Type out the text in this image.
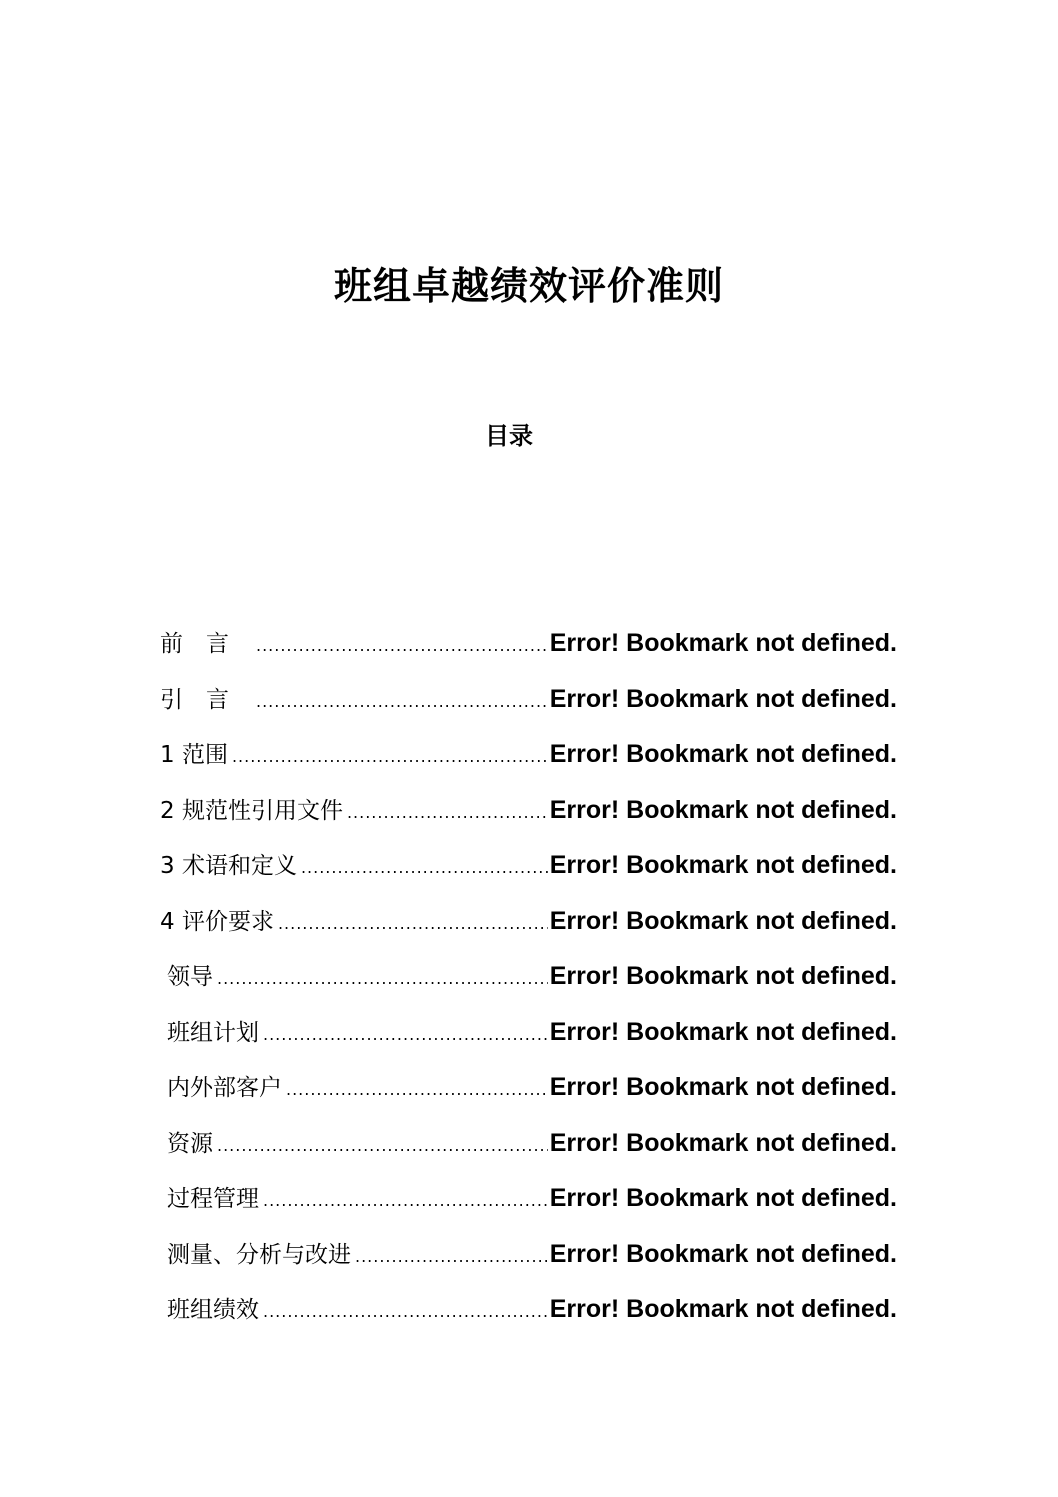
班组卓越绩效评价准则
目录
前言 .....	Error! Bookmark not defined.
引言 .....	Error! Bookmark not defined.
1 范围 .....	Error! Bookmark not defined.
2 规范性引用文件 .....	Error! Bookmark not defined.
3 术语和定义 .....	Error! Bookmark not defined.
4 评价要求 .....	Error! Bookmark not defined.
领导 .....	Error! Bookmark not defined.
班组计划 .....	Error! Bookmark not defined.
内外部客户 .....	Error! Bookmark not defined.
资源 .....	Error! Bookmark not defined.
过程管理 .....	Error! Bookmark not defined.
测量、分析与改进 .....	Error! Bookmark not defined.
班组绩效 .....	Error! Bookmark not defined.
